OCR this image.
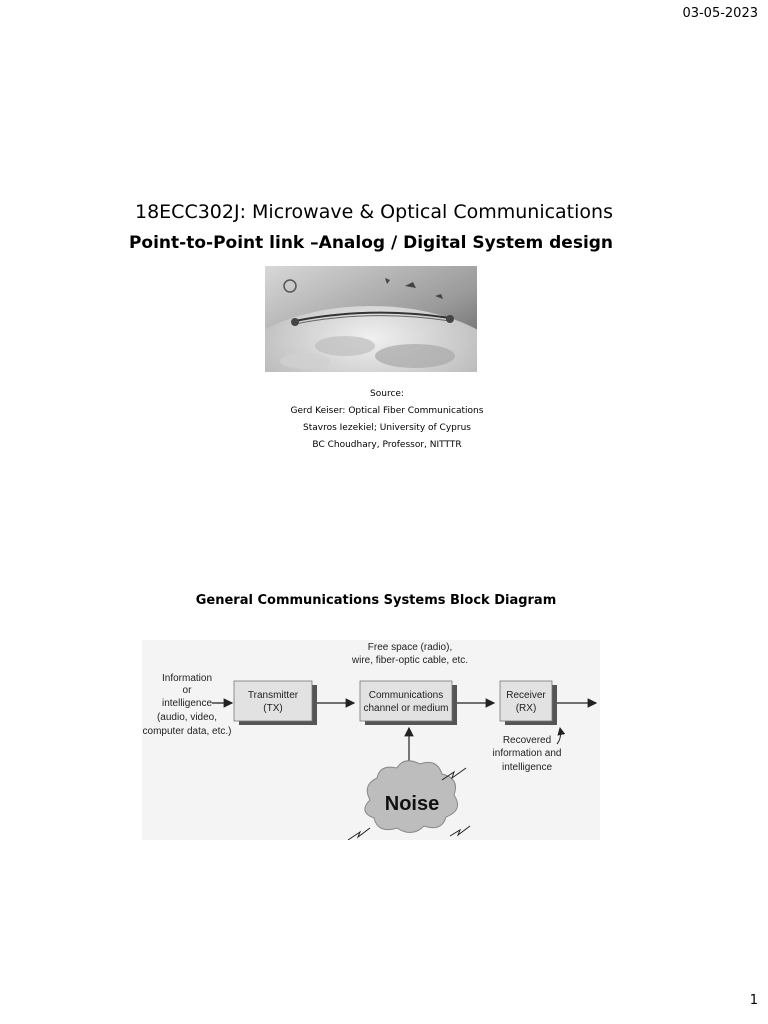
03-05-2023
18ECC302J: Microwave & Optical Communications
Point-to-Point link –Analog / Digital System design
Source:
Gerd Keiser: Optical Fiber Communications
Stavros Iezekiel; University of Cyprus
BC Choudhary, Professor, NITTTR
General Communications Systems Block Diagram
Information
or
intelligence
(audio, video,
computer data, etc.)
Transmitter
(TX)
Free space (radio),
wire, fiber-optic cable, etc.
Communications
channel or medium
Receiver
(RX)
Recovered
information and
intelligence
Noise
1
